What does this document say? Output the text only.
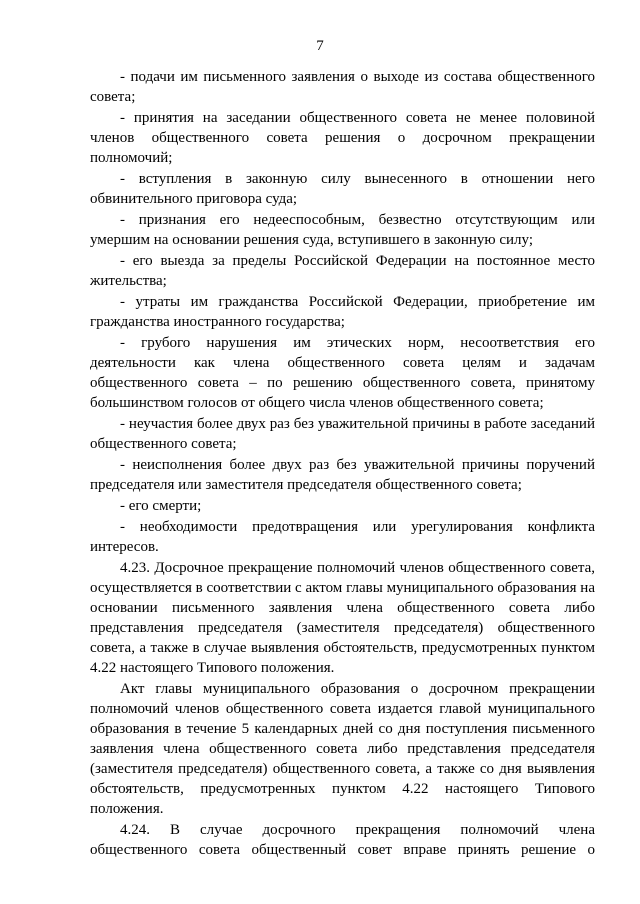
7

- подачи им письменного заявления о выходе из состава общественного совета;

- принятия на заседании общественного совета не менее половиной членов общественного совета решения о досрочном прекращении полномочий;

- вступления в законную силу вынесенного в отношении него обвинительного приговора суда;

- признания его недееспособным, безвестно отсутствующим или умершим на основании решения суда, вступившего в законную силу;

- его выезда за пределы Российской Федерации на постоянное место жительства;

- утраты им гражданства Российской Федерации, приобретение им гражданства иностранного государства;

- грубого нарушения им этических норм, несоответствия его деятельности как члена общественного совета целям и задачам общественного совета – по решению общественного совета, принятому большинством голосов от общего числа членов общественного совета;

- неучастия более двух раз без уважительной причины в работе заседаний общественного совета;

- неисполнения более двух раз без уважительной причины поручений председателя или заместителя председателя общественного совета;

- его смерти;

- необходимости предотвращения или урегулирования конфликта интересов.

4.23. Досрочное прекращение полномочий членов общественного совета, осуществляется в соответствии с актом главы муниципального образования на основании письменного заявления члена общественного совета либо представления председателя (заместителя председателя) общественного совета, а также в случае выявления обстоятельств, предусмотренных пунктом 4.22 настоящего Типового положения.

Акт главы муниципального образования о досрочном прекращении полномочий членов общественного совета издается главой муниципального образования в течение 5 календарных дней со дня поступления письменного заявления члена общественного совета либо представления председателя (заместителя председателя) общественного совета, а также со дня выявления обстоятельств, предусмотренных пунктом 4.22 настоящего Типового положения.

4.24. В случае досрочного прекращения полномочий члена общественного совета общественный совет вправе принять решение о
